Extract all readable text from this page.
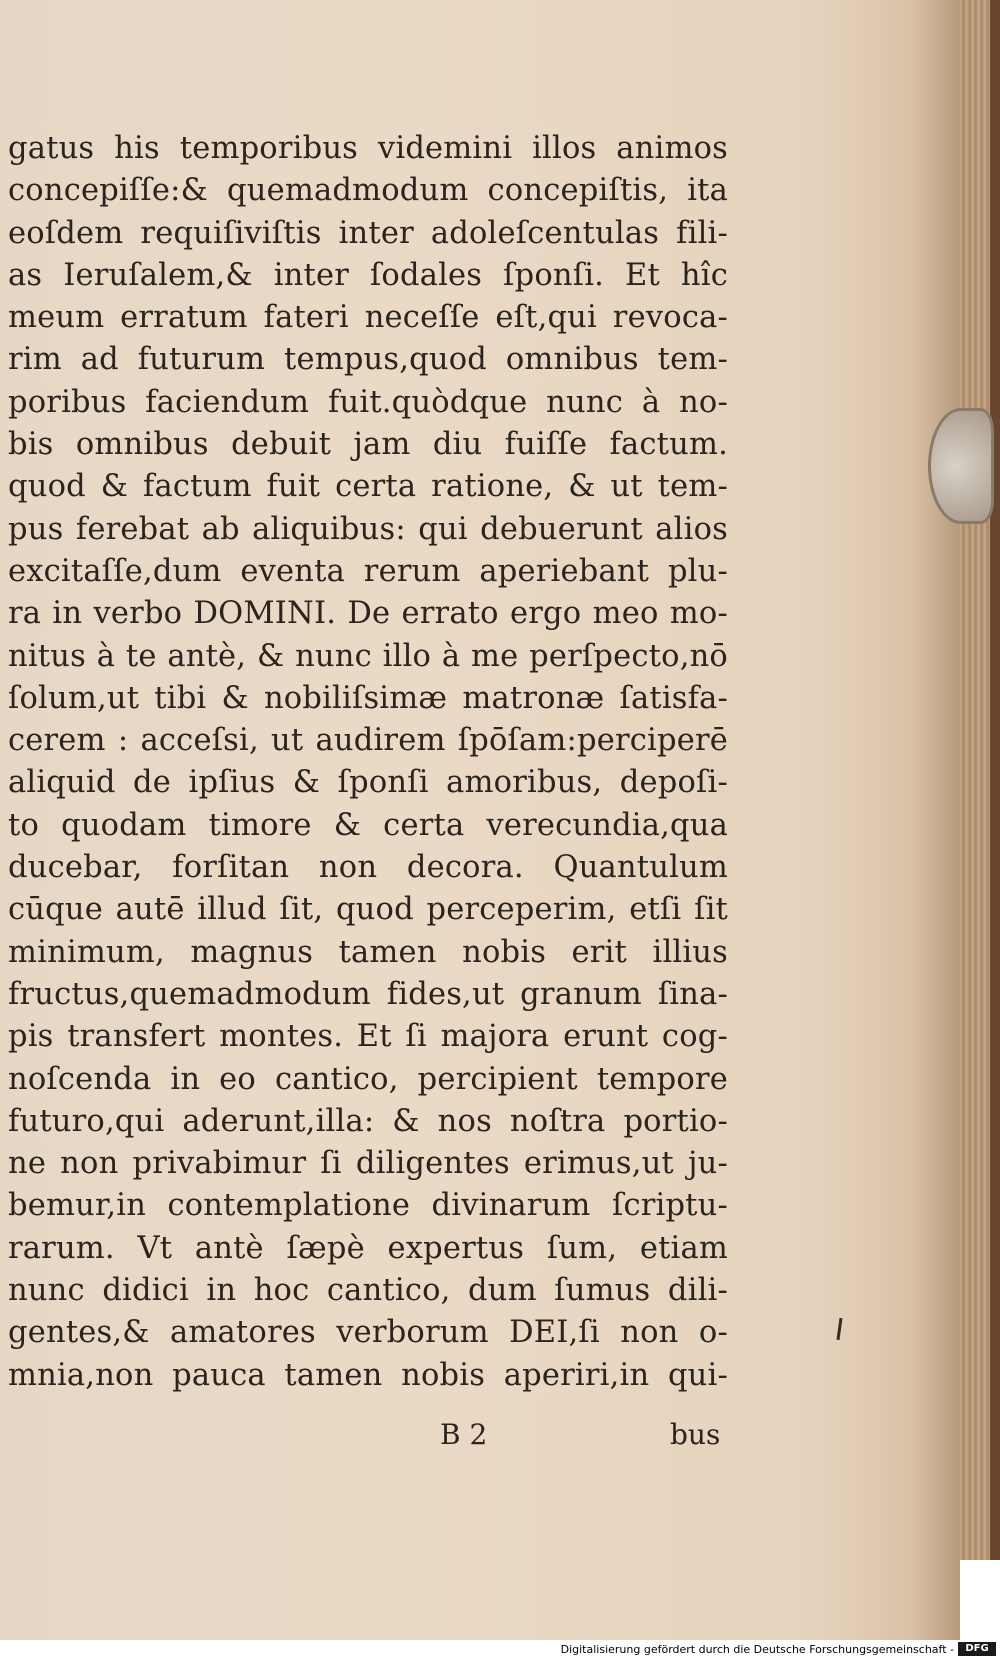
gatus his temporibus videmini illos animos
concepiſſe:& quemadmodum concepiſtis, ita
eoſdem requiſiviſtis inter adoleſcentulas fili-
as Ieruſalem,& inter ſodales ſponſi. Et hîc
meum erratum fateri neceſſe eſt,qui revoca-
rim ad futurum tempus,quod omnibus tem-
poribus faciendum fuit.quòdque nunc à no-
bis omnibus debuit jam diu fuiſſe factum.
quod & factum fuit certa ratione, & ut tem-
pus ferebat ab aliquibus: qui debuerunt alios
excitaſſe,dum eventa rerum aperiebant plu-
ra in verbo DOMINI. De errato ergo meo mo-
nitus à te antè, & nunc illo à me perſpecto,nō
ſolum,ut tibi & nobiliſsimæ matronæ ſatisfa-
cerem : acceſsi, ut audirem ſpōſam:perciperē
aliquid de ipſius & ſponſi amoribus, depoſi-
to quodam timore & certa verecundia,qua
ducebar, forſitan non decora. Quantulum
cūque autē illud ſit, quod perceperim, etſi ſit
minimum, magnus tamen nobis erit illius
fructus,quemadmodum fides,ut granum ſina-
pis transfert montes. Et ſi majora erunt cog-
noſcenda in eo cantico, percipient tempore
futuro,qui aderunt,illa: & nos noſtra portio-
ne non privabimur ſi diligentes erimus,ut ju-
bemur,in contemplatione divinarum ſcriptu-
rarum. Vt antè ſæpè expertus ſum, etiam
nunc didici in hoc cantico, dum ſumus dili-
gentes,& amatores verborum DEI,ſi non o-
mnia,non pauca tamen nobis aperiri,in qui-
B 2	bus
Digitalisierung gefördert durch die Deutsche Forschungsgemeinschaft -	DFG
